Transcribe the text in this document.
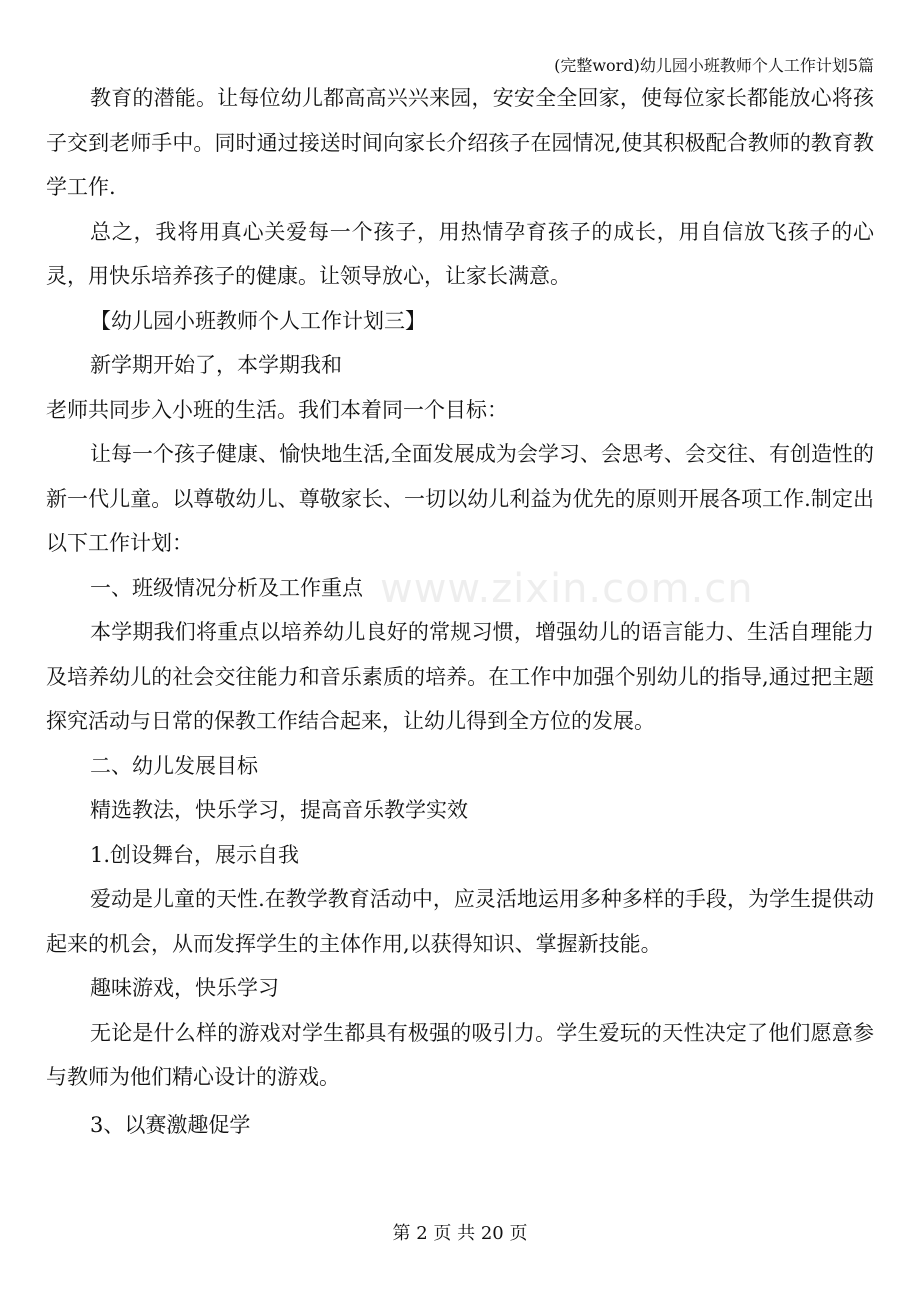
(完整word)幼儿园小班教师个人工作计划5篇
www.zixin.com.cn

教育的潜能。让每位幼儿都高高兴兴来园，安安全全回家，使每位家长都能放心将孩子交到老师手中。同时通过接送时间向家长介绍孩子在园情况,使其积极配合教师的教育教学工作.

总之，我将用真心关爱每一个孩子，用热情孕育孩子的成长，用自信放飞孩子的心灵，用快乐培养孩子的健康。让领导放心，让家长满意。

【幼儿园小班教师个人工作计划三】

新学期开始了，本学期我和

老师共同步入小班的生活。我们本着同一个目标：

让每一个孩子健康、愉快地生活,全面发展成为会学习、会思考、会交往、有创造性的新一代儿童。以尊敬幼儿、尊敬家长、一切以幼儿利益为优先的原则开展各项工作.制定出以下工作计划：

一、班级情况分析及工作重点

本学期我们将重点以培养幼儿良好的常规习惯，增强幼儿的语言能力、生活自理能力及培养幼儿的社会交往能力和音乐素质的培养。在工作中加强个别幼儿的指导,通过把主题探究活动与日常的保教工作结合起来，让幼儿得到全方位的发展。

二、幼儿发展目标

精选教法，快乐学习，提高音乐教学实效

1.创设舞台，展示自我

爱动是儿童的天性.在教学教育活动中，应灵活地运用多种多样的手段，为学生提供动起来的机会，从而发挥学生的主体作用,以获得知识、掌握新技能。

趣味游戏，快乐学习

无论是什么样的游戏对学生都具有极强的吸引力。学生爱玩的天性决定了他们愿意参与教师为他们精心设计的游戏。

3、以赛激趣促学

第 2 页 共 20 页
